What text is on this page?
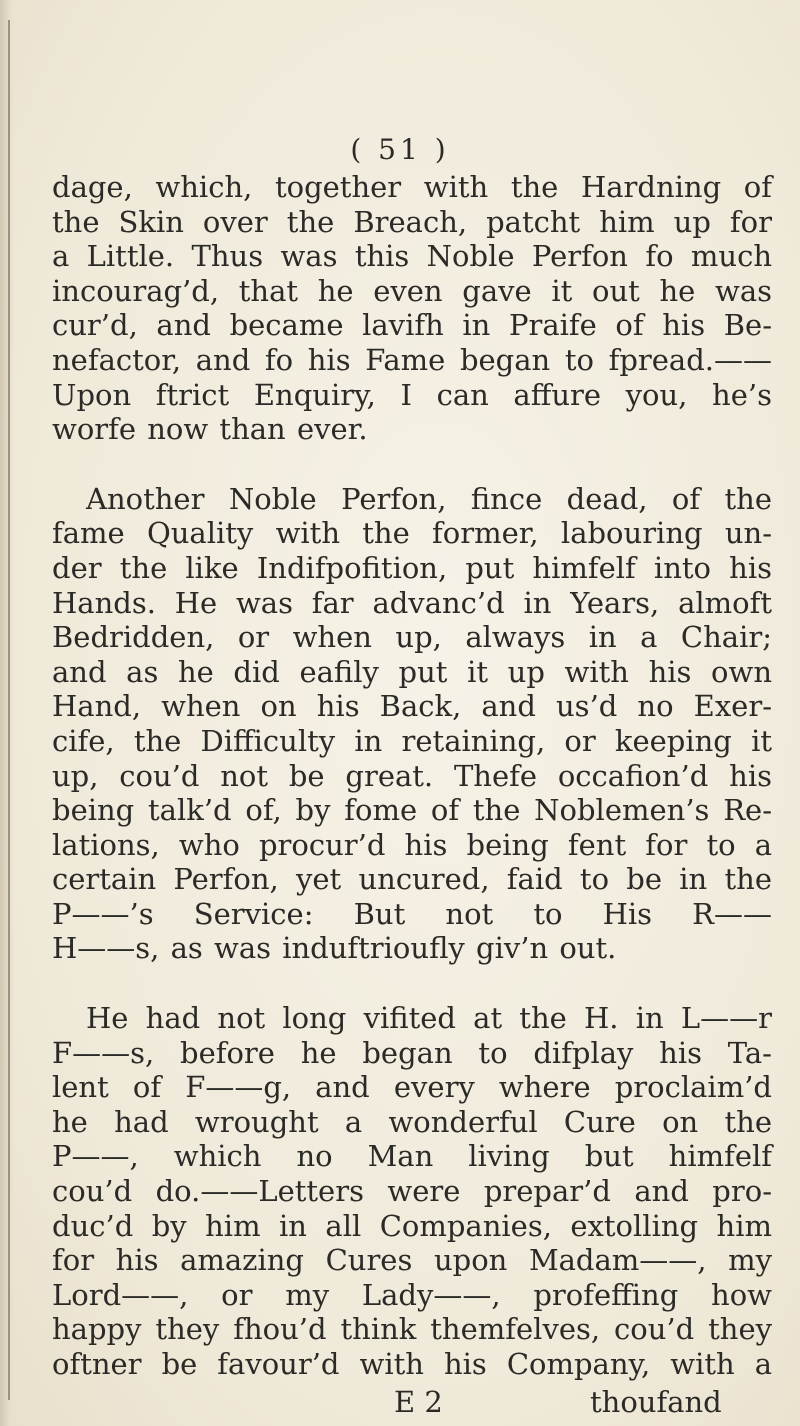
( 51 )
dage, which, together with the Hardning of
the Skin over the Breach, patcht him up for
a Little. Thus was this Noble Perfon fo much
incourag’d, that he even gave it out he was
cur’d, and became lavifh in Praife of his Be-
nefactor, and fo his Fame began to fpread.——
Upon ftrict Enquiry, I can affure you, he’s
worfe now than ever.
Another Noble Perfon, fince dead, of the
fame Quality with the former, labouring un-
der the like Indifpofition, put himfelf into his
Hands. He was far advanc’d in Years, almoft
Bedridden, or when up, always in a Chair;
and as he did eafily put it up with his own
Hand, when on his Back, and us’d no Exer-
cife, the Difficulty in retaining, or keeping it
up, cou’d not be great. Thefe occafion’d his
being talk’d of, by fome of the Noblemen’s Re-
lations, who procur’d his being fent for to a
certain Perfon, yet uncured, faid to be in the
P——’s Service: But not to His R——
H——s, as was induftrioufly giv’n out.
He had not long vifited at the H. in L——r
F——s, before he began to difplay his Ta-
lent of F——g, and every where proclaim’d
he had wrought a wonderful Cure on the
P——, which no Man living but himfelf
cou’d do.——Letters were prepar’d and pro-
duc’d by him in all Companies, extolling him
for his amazing Cures upon Madam——, my
Lord——, or my Lady——, profeffing how
happy they fhou’d think themfelves, cou’d they
oftner be favour’d with his Company, with a
E 2	thoufand
